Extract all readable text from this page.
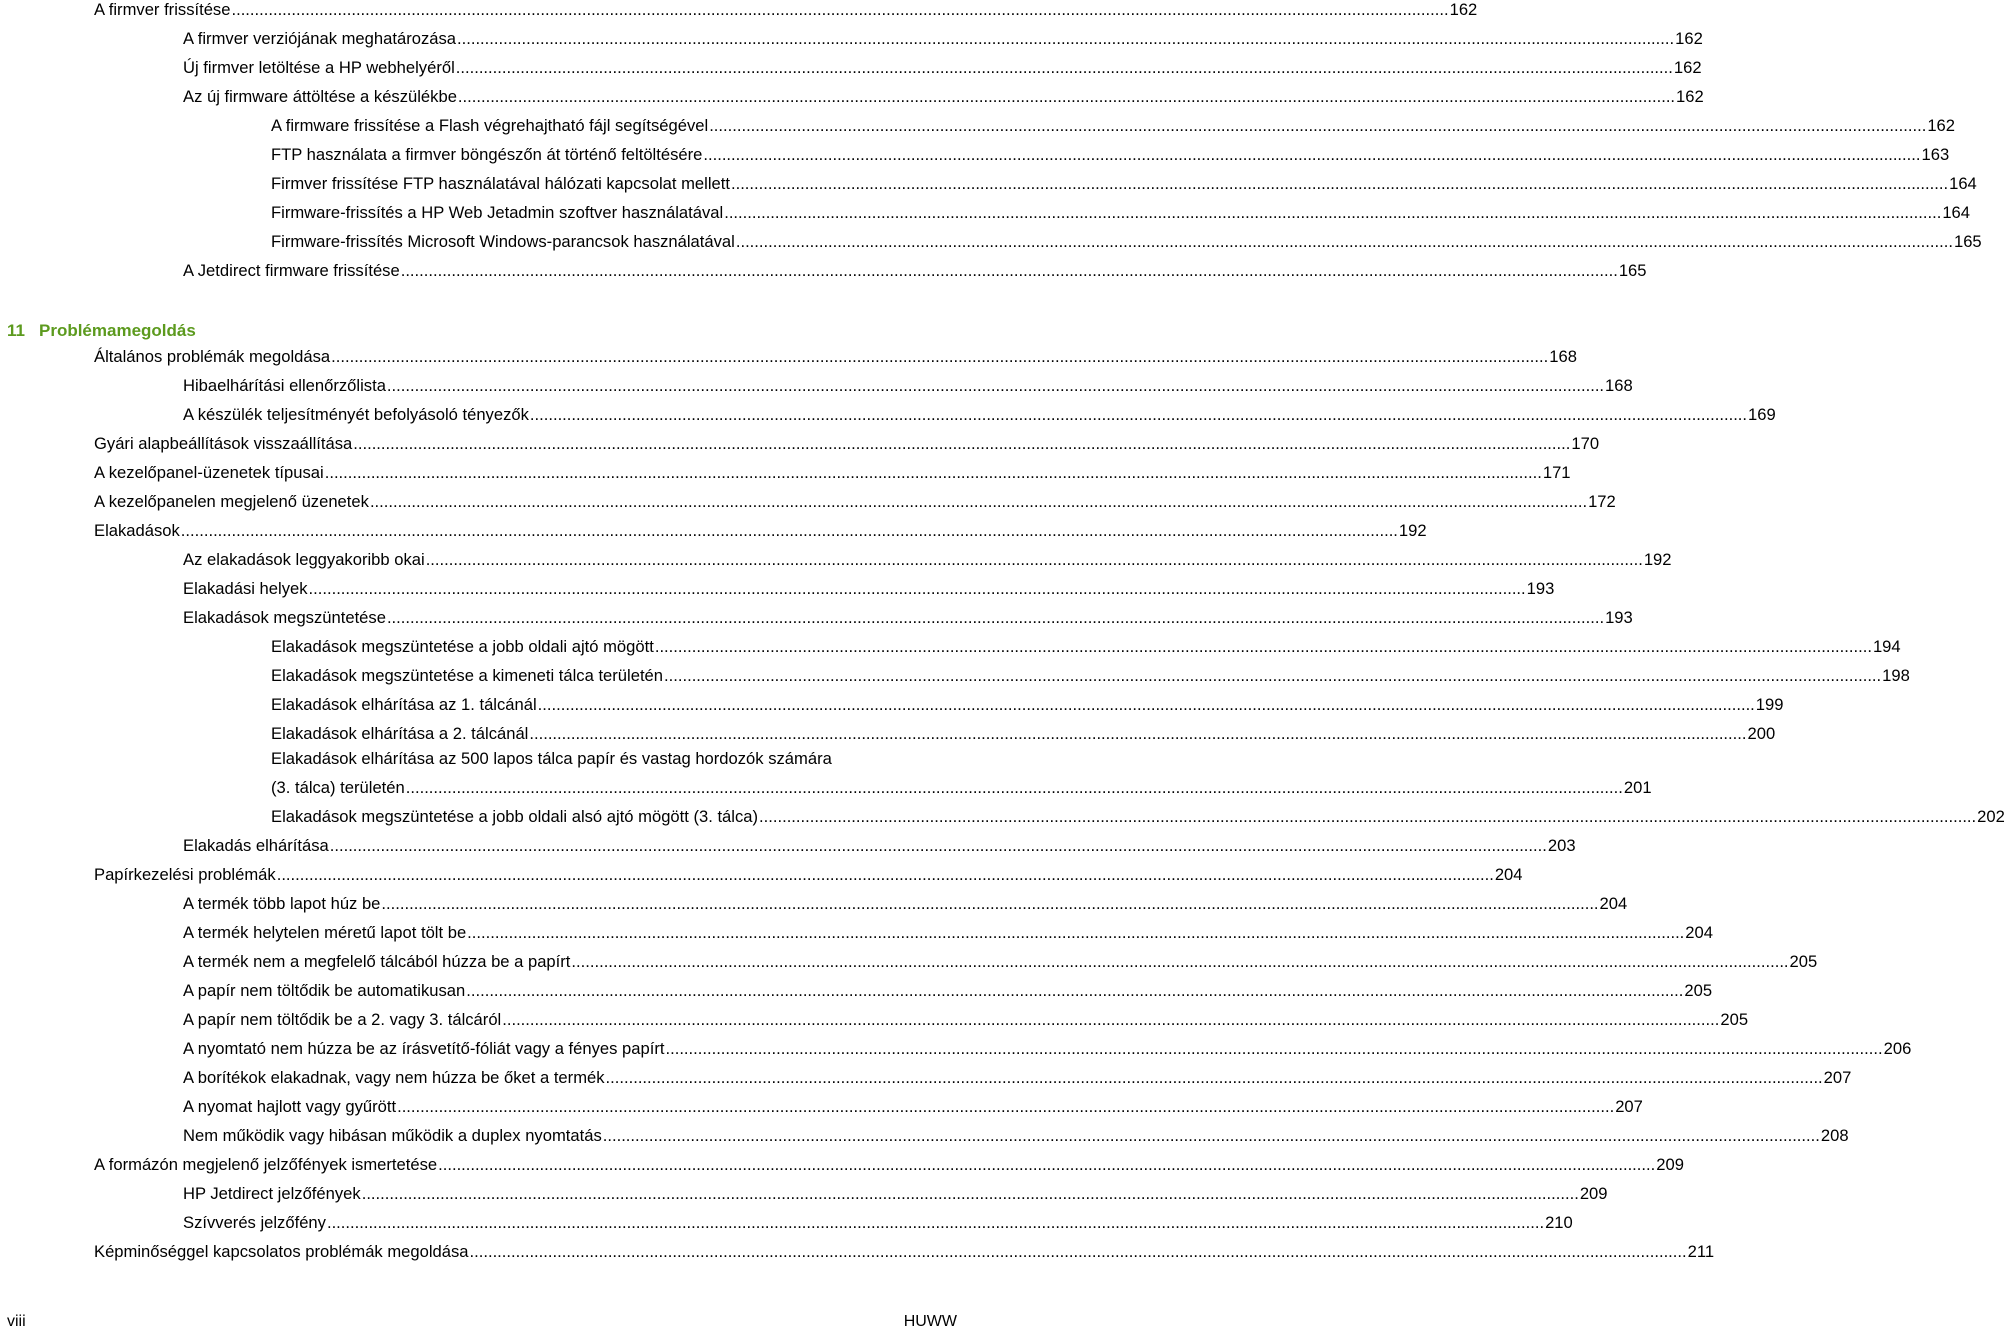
A firmver frissítése .....	162
A firmver verziójának meghatározása .....	162
Új firmver letöltése a HP webhelyéről .....	162
Az új firmware áttöltése a készülékbe .....	162
A firmware frissítése a Flash végrehajtható fájl segítségével .....	162
FTP használata a firmver böngészőn át történő feltöltésére .....	163
Firmver frissítése FTP használatával hálózati kapcsolat mellett .....	164
Firmware-frissítés a HP Web Jetadmin szoftver használatával .....	164
Firmware-frissítés Microsoft Windows-parancsok használatával .....	165
A Jetdirect firmware frissítése .....	165
Általános problémák megoldása .....	168
Hibaelhárítási ellenőrzőlista .....	168
A készülék teljesítményét befolyásoló tényezők .....	169
Gyári alapbeállítások visszaállítása .....	170
A kezelőpanel-üzenetek típusai .....	171
A kezelőpanelen megjelenő üzenetek .....	172
Elakadások .....	192
Az elakadások leggyakoribb okai .....	192
Elakadási helyek .....	193
Elakadások megszüntetése .....	193
Elakadások megszüntetése a jobb oldali ajtó mögött .....	194
Elakadások megszüntetése a kimeneti tálca területén .....	198
Elakadások elhárítása az 1. tálcánál .....	199
Elakadások elhárítása a 2. tálcánál .....	200
Elakadások elhárítása az 500 lapos tálca papír és vastag hordozók számára
(3. tálca) területén .....	201
Elakadások megszüntetése a jobb oldali alsó ajtó mögött (3. tálca) .....	202
Elakadás elhárítása .....	203
Papírkezelési problémák .....	204
A termék több lapot húz be .....	204
A termék helytelen méretű lapot tölt be .....	204
A termék nem a megfelelő tálcából húzza be a papírt .....	205
A papír nem töltődik be automatikusan .....	205
A papír nem töltődik be a 2. vagy 3. tálcáról .....	205
A nyomtató nem húzza be az írásvetítő-fóliát vagy a fényes papírt .....	206
A borítékok elakadnak, vagy nem húzza be őket a termék .....	207
A nyomat hajlott vagy gyűrött .....	207
Nem működik vagy hibásan működik a duplex nyomtatás .....	208
A formázón megjelenő jelzőfények ismertetése .....	209
HP Jetdirect jelzőfények .....	209
Szívverés jelzőfény .....	210
Képminőséggel kapcsolatos problémák megoldása .....	211
11 Problémamegoldás
viii	HUWW
